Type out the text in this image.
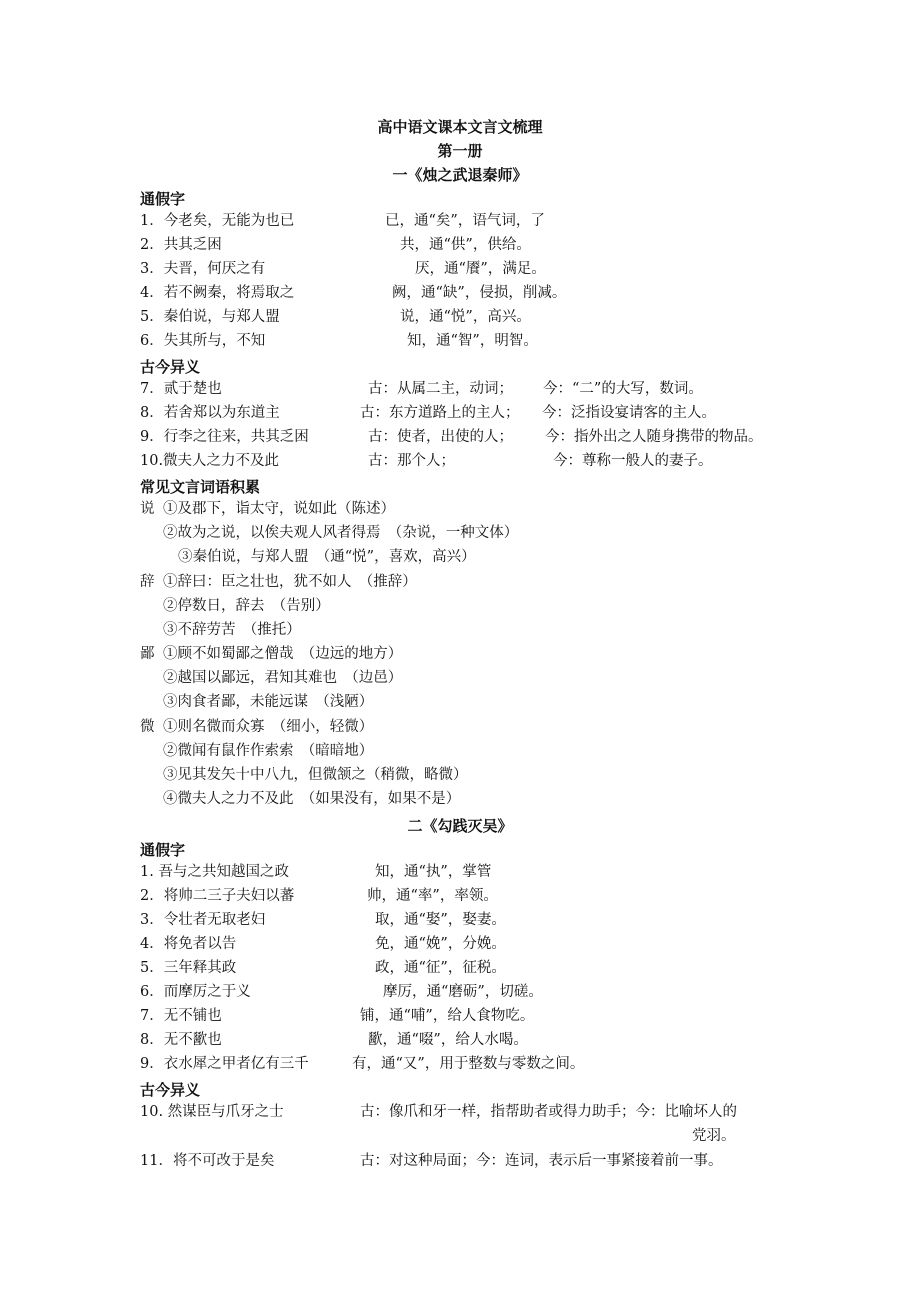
高中语文课本文言文梳理
第一册
一《烛之武退秦师》
通假字
1．今老矣，无能为也已	已，通“矣”，语气词，了
2．共其乏困	共，通“供”，供给。
3．夫晋，何厌之有	厌，通“餍”，满足。
4．若不阙秦，将焉取之	阙，通“缺”，侵损，削减。
5．秦伯说，与郑人盟	说，通“悦”，高兴。
6．失其所与，不知	知，通“智”，明智。
古今异义
7．贰于楚也	古：从属二主，动词； 今：“二”的大写，数词。
8．若舍郑以为东道主	古：东方道路上的主人； 今：泛指设宴请客的主人。
9．行李之往来，共其乏困	古：使者，出使的人； 今：指外出之人随身携带的物品。
10.微夫人之力不及此	古：那个人；	今：尊称一般人的妻子。
常见文言词语积累
说 ①及郡下，诣太守，说如此（陈述）
②故为之说，以俟夫观人风者得焉　（杂说，一种文体）
③秦伯说，与郑人盟　（通“悦”，喜欢，高兴）
辞 ①辞曰：臣之壮也，犹不如人　（推辞）
②停数日，辞去　（告别）
③不辞劳苦　（推托）
鄙 ①顾不如蜀鄙之僧哉　（边远的地方）
②越国以鄙远，君知其难也　（边邑）
③肉食者鄙，未能远谋　（浅陋）
微 ①则名微而众寡　（细小，轻微）
②微闻有鼠作作索索　（暗暗地）
③见其发矢十中八九，但微颔之（稍微，略微）
④微夫人之力不及此　（如果没有，如果不是）
二《勾践灭吴》
通假字
1. 吾与之共知越国之政	知，通“执”，掌管
2．将帅二三子夫妇以蕃	帅，通“率”，率领。
3．令壮者无取老妇	取，通“娶”，娶妻。
4．将免者以告	免，通“娩”，分娩。
5．三年释其政	政，通“征”，征税。
6．而摩厉之于义	摩厉，通“磨砺”，切磋。
7．无不铺也	铺，通“哺”，给人食物吃。
8．无不歠也	歠，通“啜”，给人水喝。
9．衣水犀之甲者亿有三千	有，通“又”，用于整数与零数之间。
古今异义
10. 然谋臣与爪牙之士	古：像爪和牙一样，指帮助者或得力助手；今：比喻坏人的
党羽。
11．将不可改于是矣	古：对这种局面；今：连词，表示后一事紧接着前一事。
